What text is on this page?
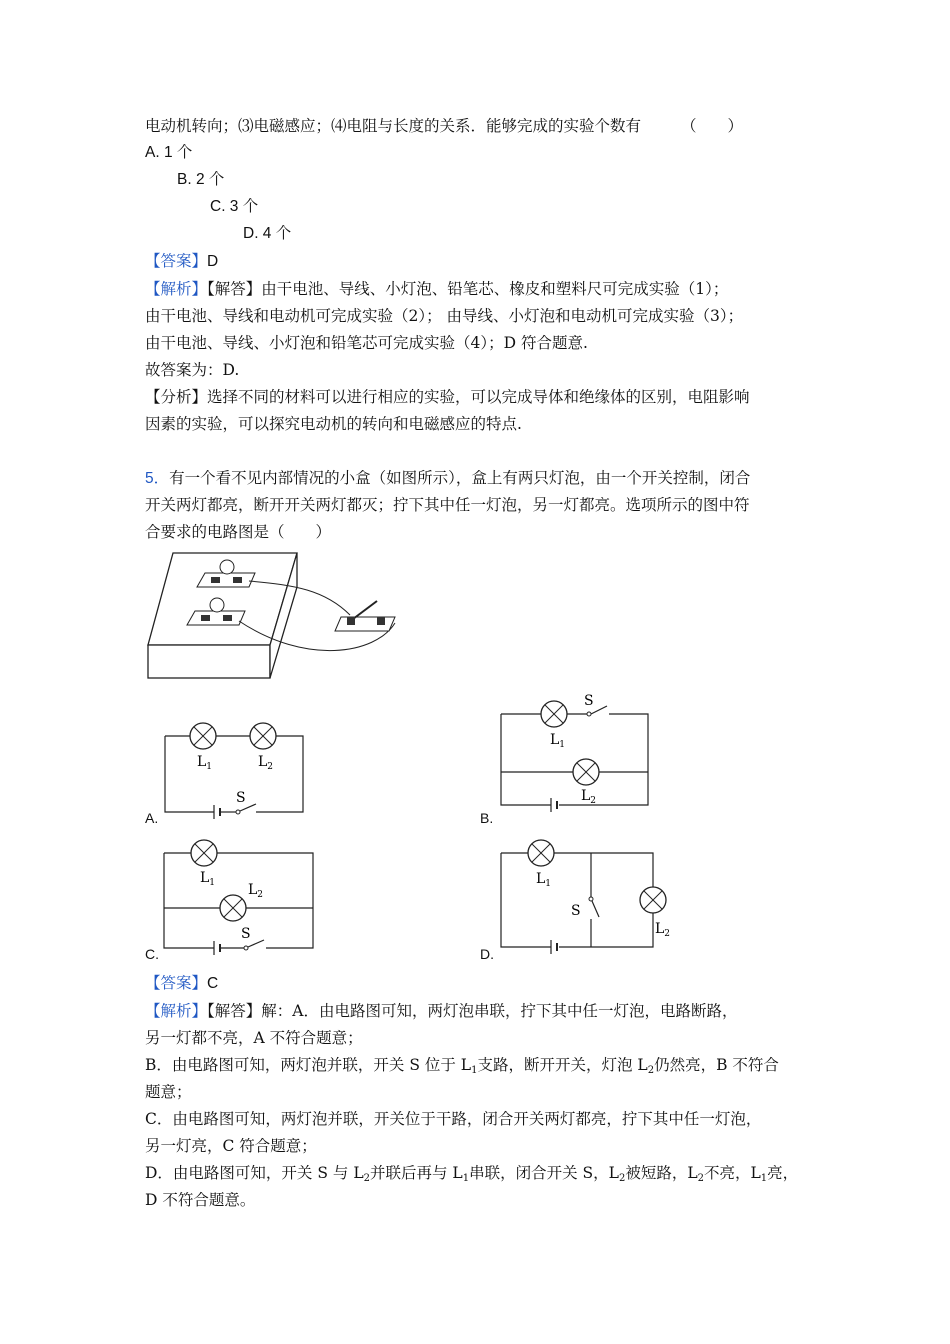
电动机转向；⑶电磁感应；⑷电阻与长度的关系．能够完成的实验个数有	（　　）
A. 1 个
B. 2 个
C. 3 个
D. 4 个
【答案】D
【解析】【解答】由干电池、导线、小灯泡、铅笔芯、橡皮和塑料尺可完成实验（1）；
由干电池、导线和电动机可完成实验（2）； 由导线、小灯泡和电动机可完成实验（3）；
由干电池、导线、小灯泡和铅笔芯可完成实验（4）；D 符合题意.
故答案为：D.
【分析】选择不同的材料可以进行相应的实验，可以完成导体和绝缘体的区别，电阻影响
因素的实验，可以探究电动机的转向和电磁感应的特点.
5．有一个看不见内部情况的小盒（如图所示），盒上有两只灯泡，由一个开关控制，闭合
开关两灯都亮，断开开关两灯都灭；拧下其中任一灯泡，另一灯都亮。选项所示的图中符
合要求的电路图是（　　）
$L_1$	$L_2$
S
A.
S
$L_1$
$L_2$
B.
$L_1$ $L_2$
S
C.
$L_1$
S
$L_2$
D.
【答案】C
【解析】【解答】解：A．由电路图可知，两灯泡串联，拧下其中任一灯泡，电路断路，
另一灯都不亮，A 不符合题意；
B．由电路图可知，两灯泡并联，开关 S 位于 $L_1$支路，断开开关，灯泡 $L_2$仍然亮，B 不符合
题意；
C．由电路图可知，两灯泡并联，开关位于干路，闭合开关两灯都亮，拧下其中任一灯泡，
另一灯亮，C 符合题意；
D．由电路图可知，开关 S 与 $L_2$并联后再与 $L_1$串联，闭合开关 S，$L_2$被短路，$L_2$不亮，$L_1$亮，
D 不符合题意。
